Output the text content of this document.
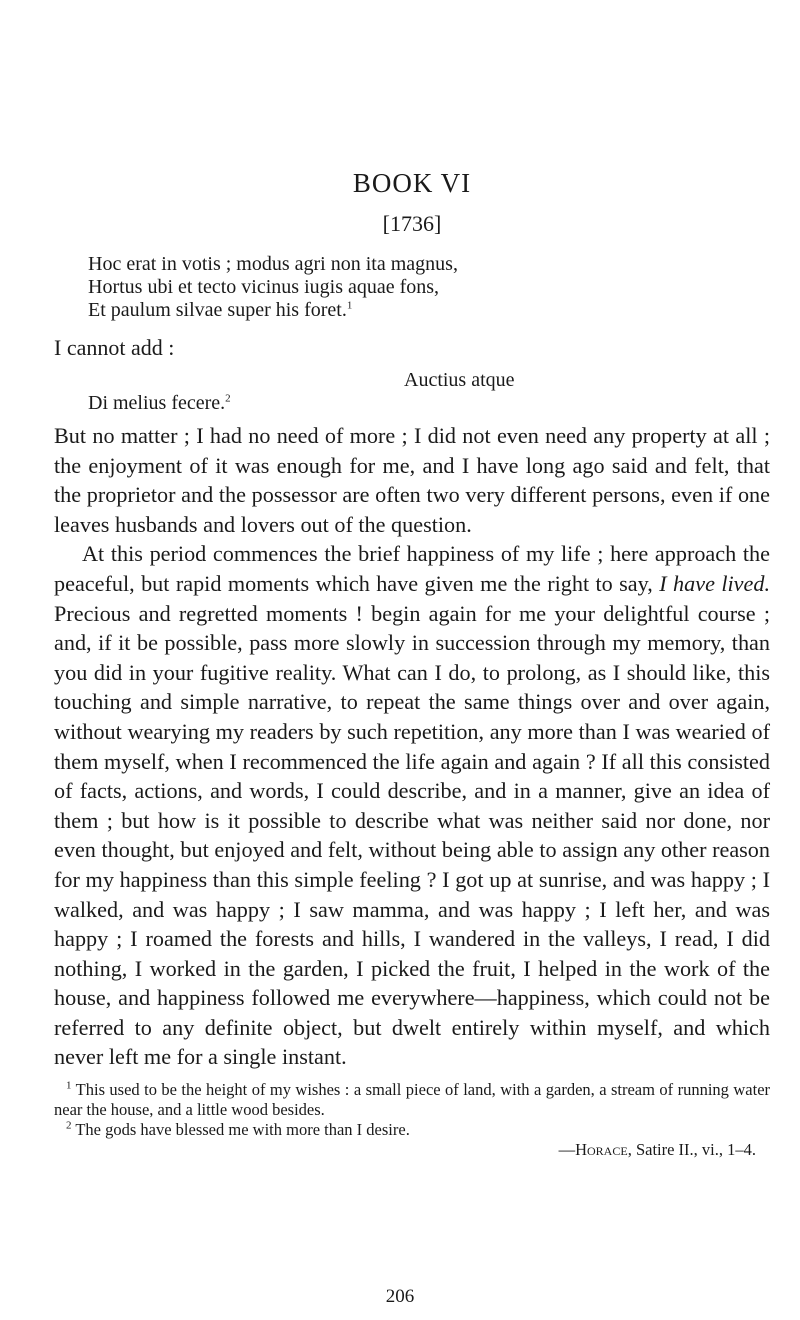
BOOK VI
[1736]
Hoc erat in votis ; modus agri non ita magnus,
Hortus ubi et tecto vicinus iugis aquae fons,
Et paulum silvae super his foret.$^1$
I cannot add :
Auctius atque
Di melius fecere.$^2$

But no matter ; I had no need of more ; I did not even need any property at all ; the enjoyment of it was enough for me, and I have long ago said and felt, that the proprietor and the possessor are often two very different persons, even if one leaves husbands and lovers out of the question.

At this period commences the brief happiness of my life ; here approach the peaceful, but rapid moments which have given me the right to say, I have lived. Precious and regretted moments ! begin again for me your delightful course ; and, if it be possible, pass more slowly in succession through my memory, than you did in your fugitive reality. What can I do, to prolong, as I should like, this touching and simple narrative, to repeat the same things over and over again, without wearying my readers by such repetition, any more than I was wearied of them myself, when I recommenced the life again and again ? If all this consisted of facts, actions, and words, I could describe, and in a manner, give an idea of them ; but how is it possible to describe what was neither said nor done, nor even thought, but enjoyed and felt, without being able to assign any other reason for my happiness than this simple feeling ? I got up at sunrise, and was happy ; I walked, and was happy ; I saw mamma, and was happy ; I left her, and was happy ; I roamed the forests and hills, I wandered in the valleys, I read, I did nothing, I worked in the garden, I picked the fruit, I helped in the work of the house, and happiness followed me everywhere—happiness, which could not be referred to any definite object, but dwelt entirely within myself, and which never left me for a single instant.

$^1$ This used to be the height of my wishes : a small piece of land, with a garden, a stream of running water near the house, and a little wood besides.
$^2$ The gods have blessed me with more than I desire.
—Horace, Satire II., vi., 1–4.
206
